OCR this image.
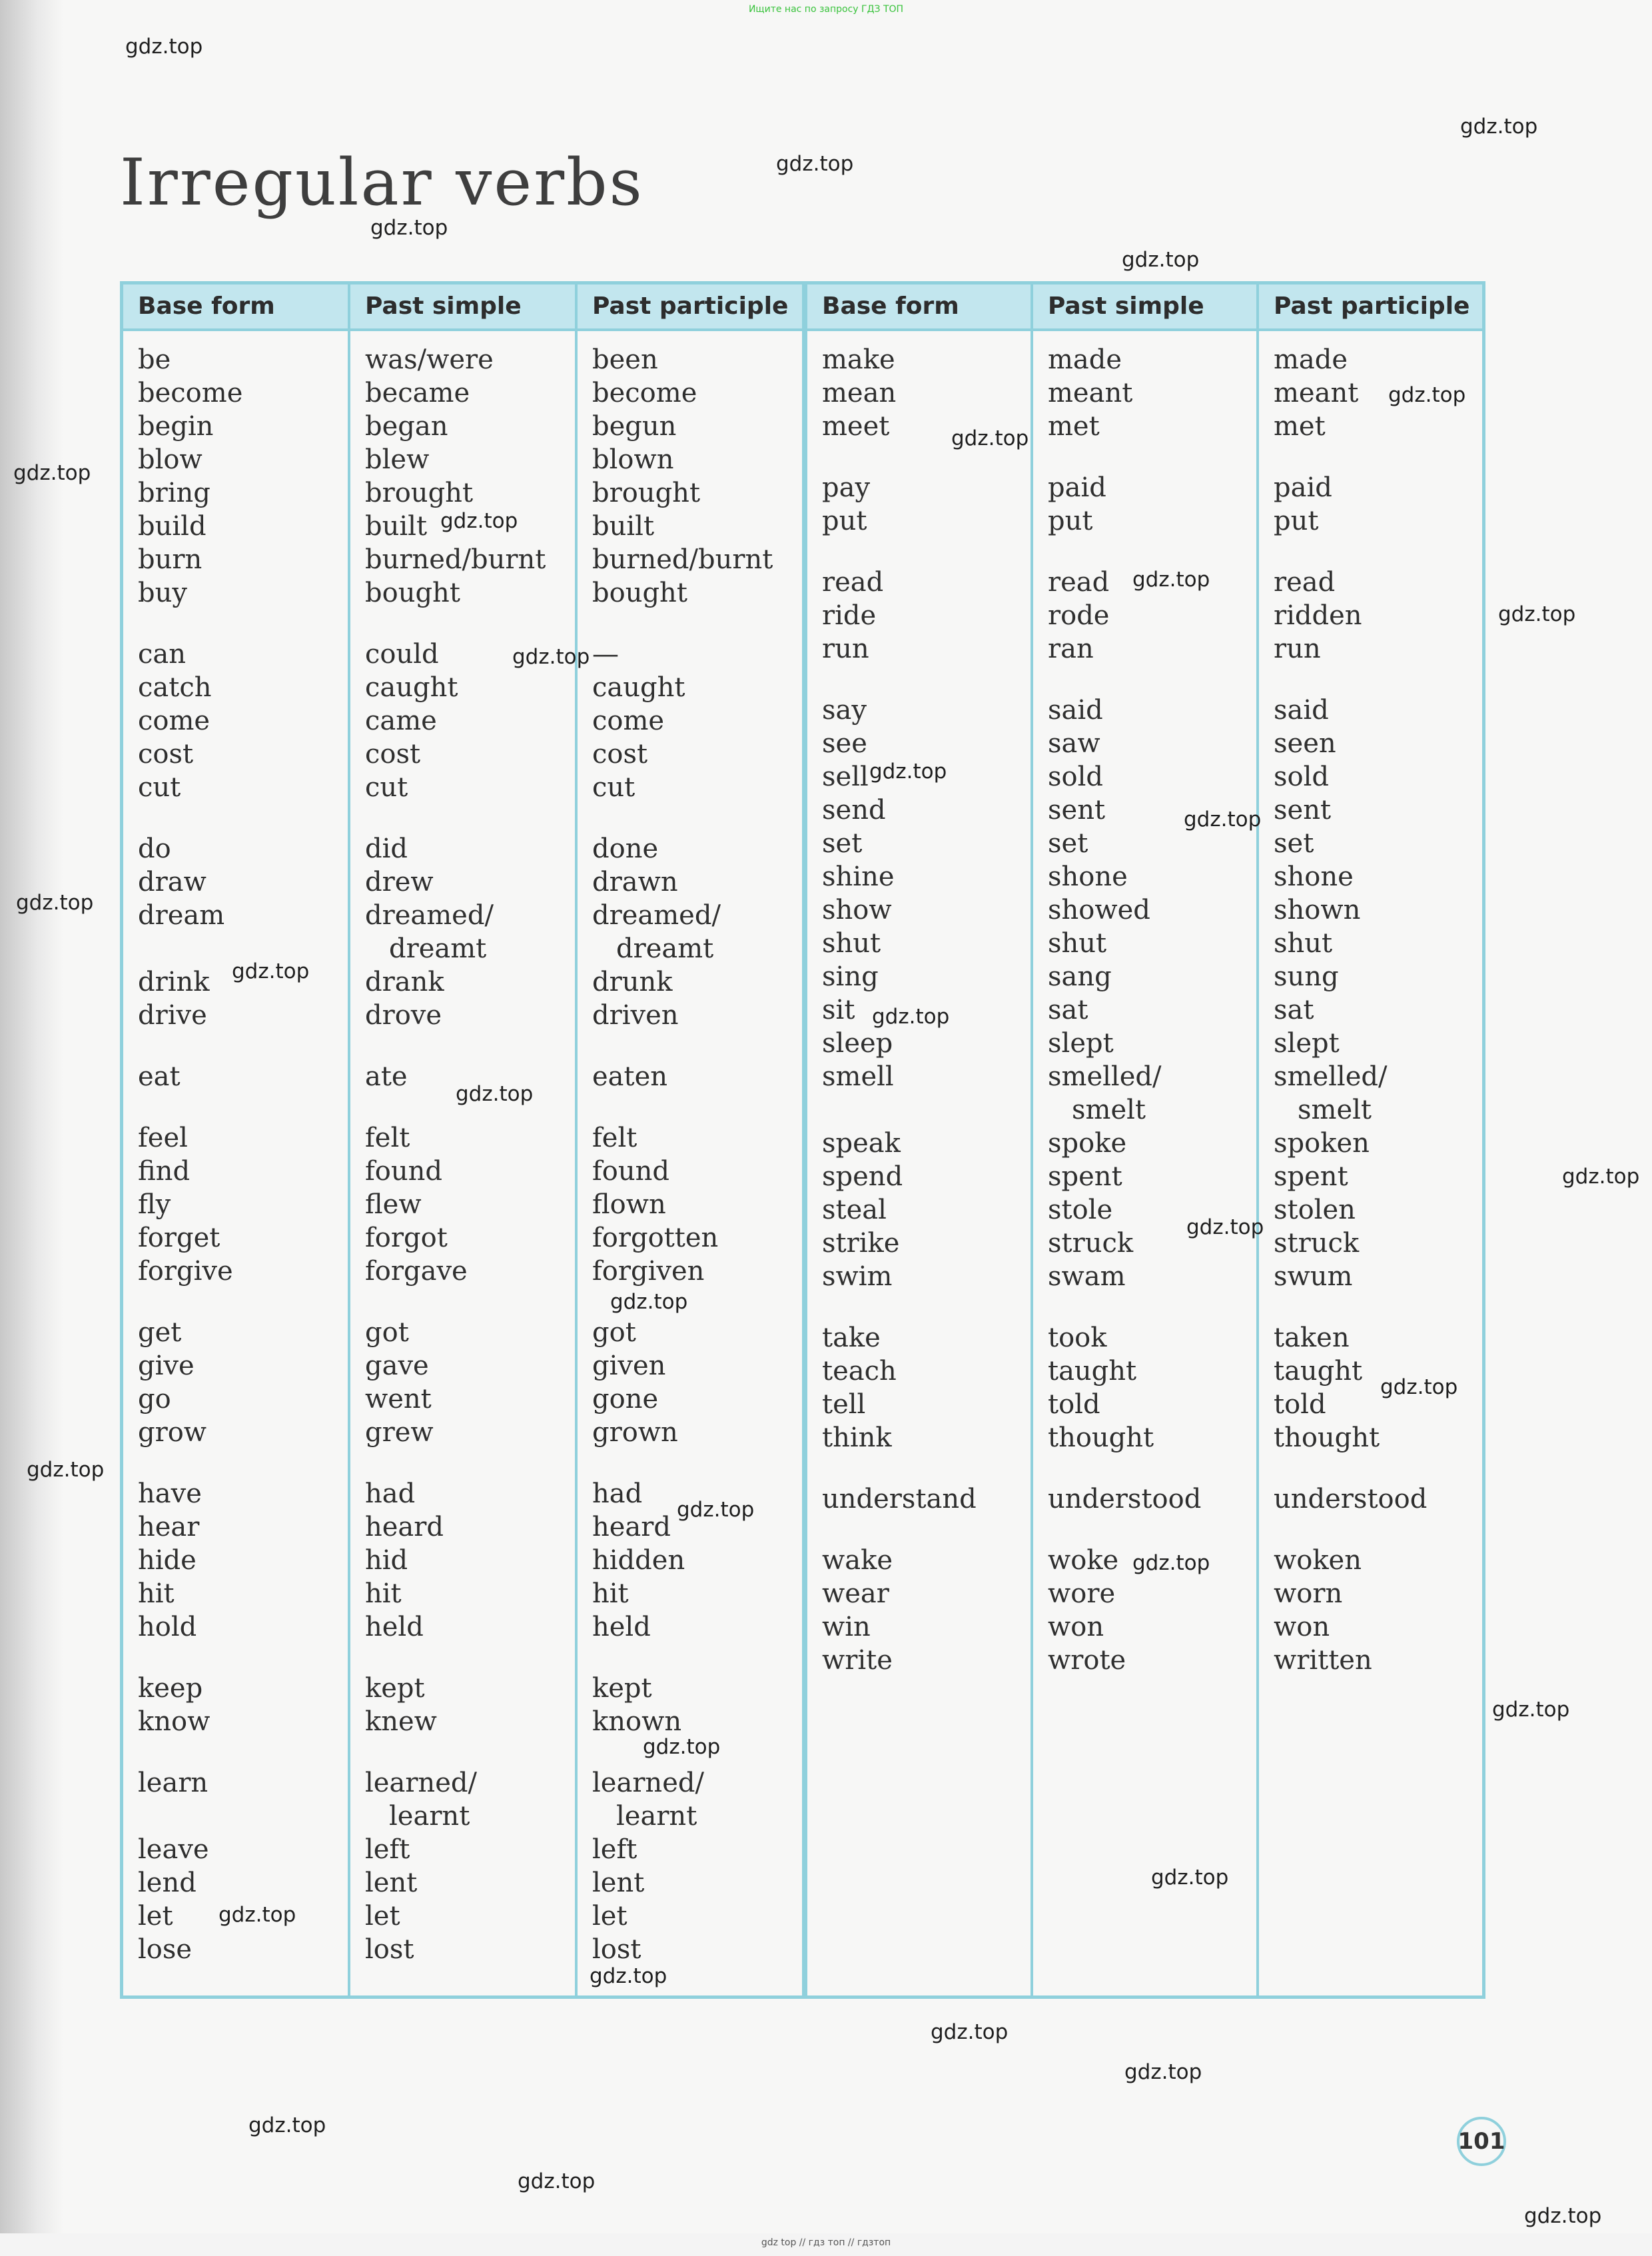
Ищите нас по запросу ГДЗ ТОП
Irregular verbs
Base form
be
become
begin
blow
bring
build
burn
buy
can
catch
come
cost
cut
do
draw
dream
drink
drive
eat
feel
find
fly
forget
forgive
get
give
go
grow
have
hear
hide
hit
hold
keep
know
learn
leave
lend
let
lose
Past simple
was/were
became
began
blew
brought
built
burned/burnt
bought
could
caught
came
cost
cut
did
drew
dreamed/
dreamt
drank
drove
ate
felt
found
flew
forgot
forgave
got
gave
went
grew
had
heard
hid
hit
held
kept
knew
learned/
learnt
left
lent
let
lost
Past participle
been
become
begun
blown
brought
built
burned/burnt
bought
—
caught
come
cost
cut
done
drawn
dreamed/
dreamt
drunk
driven
eaten
felt
found
flown
forgotten
forgiven
got
given
gone
grown
had
heard
hidden
hit
held
kept
known
learned/
learnt
left
lent
let
lost
Base form
make
mean
meet
pay
put
read
ride
run
say
see
sell
send
set
shine
show
shut
sing
sit
sleep
smell
speak
spend
steal
strike
swim
take
teach
tell
think
understand
wake
wear
win
write
Past simple
made
meant
met
paid
put
read
rode
ran
said
saw
sold
sent
set
shone
showed
shut
sang
sat
slept
smelled/
smelt
spoke
spent
stole
struck
swam
took
taught
told
thought
understood
woke
wore
won
wrote
Past participle
made
meant
met
paid
put
read
ridden
run
said
seen
sold
sent
set
shone
shown
shut
sung
sat
slept
smelled/
smelt
spoken
spent
stolen
struck
swum
taken
taught
told
thought
understood
woken
worn
won
written
gdz.top
gdz.top
gdz.top
gdz.top
gdz.top
gdz.top
gdz.top
gdz.top
gdz.top
gdz.top
gdz.top
gdz.top
gdz.top
gdz.top
gdz.top
gdz.top
gdz.top
gdz.top
gdz.top
gdz.top
gdz.top
gdz.top
gdz.top
gdz.top
gdz.top
gdz.top
gdz.top
gdz.top
gdz.top
gdz.top
gdz.top
gdz.top
gdz.top
gdz.top
gdz.top
101
gdz top // гдз топ // гдзтоп
